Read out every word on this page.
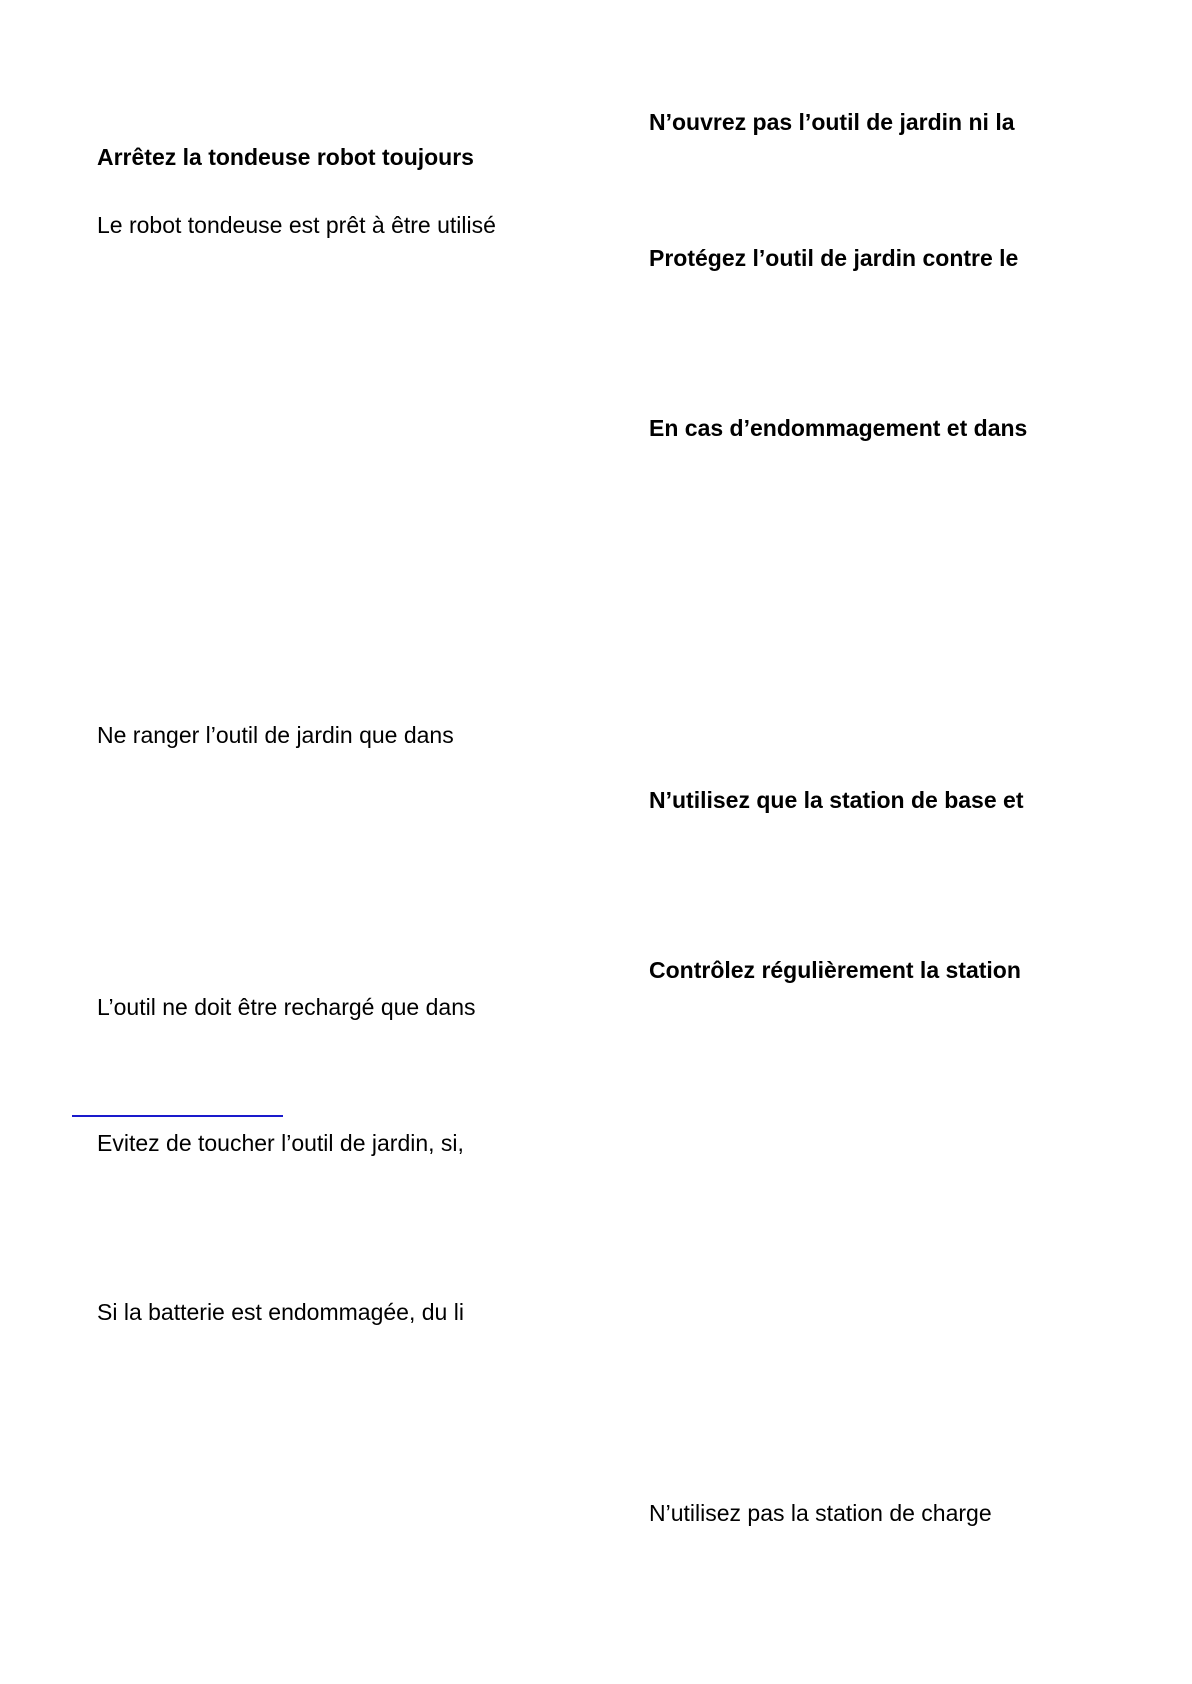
N’ouvrez pas l’outil de jardin ni la
Protégez l’outil de jardin contre le
En cas d’endommagement et dans
N’utilisez que la station de base et
Contrôlez régulièrement la station
N’utilisez pas la station de charge
Arrêtez la tondeuse robot toujours
Le robot tondeuse est prêt à être utilisé
Ne ranger l’outil de jardin que dans
L’outil ne doit être rechargé que dans
Evitez de toucher l’outil de jardin, si,
Si la batterie est endommagée, du li
